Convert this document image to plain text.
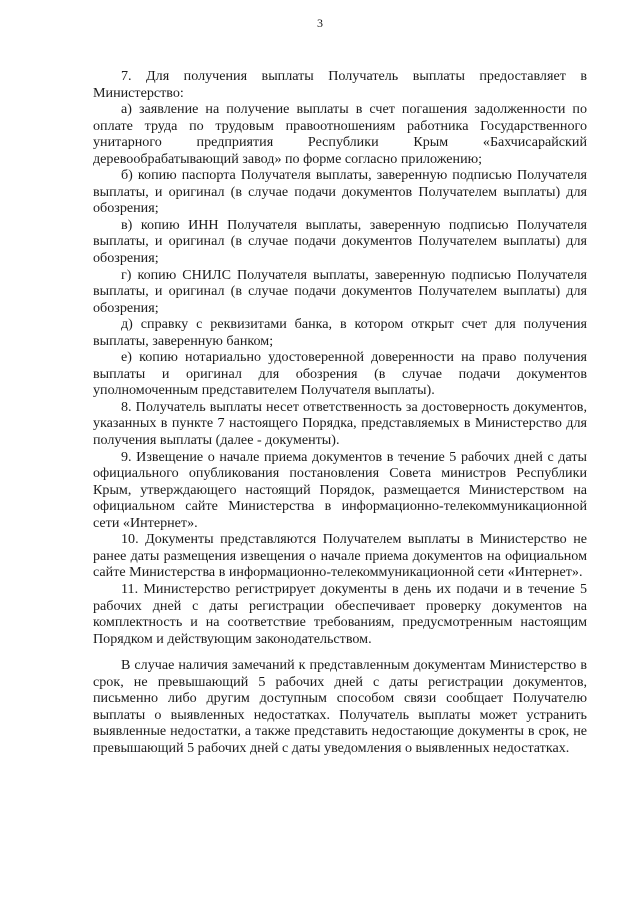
3

7. Для получения выплаты Получатель выплаты предоставляет в Министерство:

а) заявление на получение выплаты в счет погашения задолженности по оплате труда по трудовым правоотношениям работника Государственного унитарного предприятия Республики Крым «Бахчисарайский деревообрабатывающий завод» по форме согласно приложению;

б) копию паспорта Получателя выплаты, заверенную подписью Получателя выплаты, и оригинал (в случае подачи документов Получателем выплаты) для обозрения;

в) копию ИНН Получателя выплаты, заверенную подписью Получателя выплаты, и оригинал (в случае подачи документов Получателем выплаты) для обозрения;

г) копию СНИЛС Получателя выплаты, заверенную подписью Получателя выплаты, и оригинал (в случае подачи документов Получателем выплаты) для обозрения;

д) справку с реквизитами банка, в котором открыт счет для получения выплаты, заверенную банком;

е) копию нотариально удостоверенной доверенности на право получения выплаты и оригинал для обозрения (в случае подачи документов уполномоченным представителем Получателя выплаты).

8. Получатель выплаты несет ответственность за достоверность документов, указанных в пункте 7 настоящего Порядка, представляемых в Министерство для получения выплаты (далее - документы).

9. Извещение о начале приема документов в течение 5 рабочих дней с даты официального опубликования постановления Совета министров Республики Крым, утверждающего настоящий Порядок, размещается Министерством на официальном сайте Министерства в информационно-телекоммуникационной сети «Интернет».

10. Документы представляются Получателем выплаты в Министерство не ранее даты размещения извещения о начале приема документов на официальном сайте Министерства в информационно-телекоммуникационной сети «Интернет».

11. Министерство регистрирует документы в день их подачи и в течение 5 рабочих дней с даты регистрации обеспечивает проверку документов на комплектность и на соответствие требованиям, предусмотренным настоящим Порядком и действующим законодательством.

В случае наличия замечаний к представленным документам Министерство в срок, не превышающий 5 рабочих дней с даты регистрации документов, письменно либо другим доступным способом связи сообщает Получателю выплаты о выявленных недостатках. Получатель выплаты может устранить выявленные недостатки, а также представить недостающие документы в срок, не превышающий 5 рабочих дней с даты уведомления о выявленных недостатках.
